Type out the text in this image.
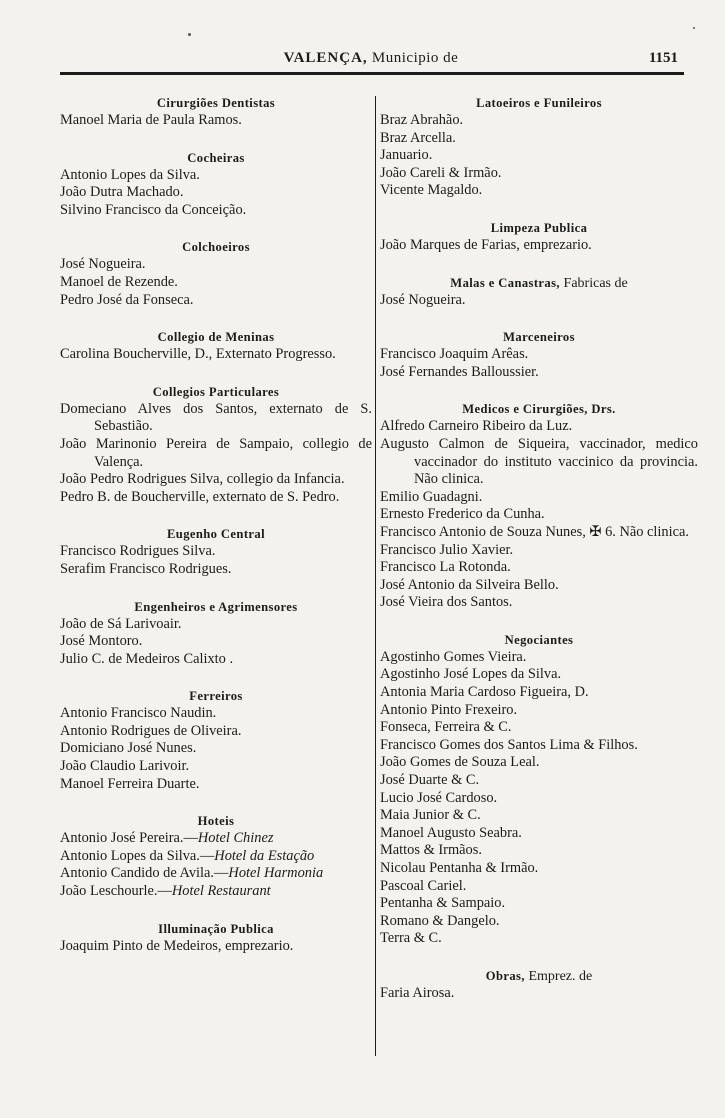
VALENÇA, Municipio de	1151
Cirurgiões Dentistas
Manoel Maria de Paula Ramos.
Cocheiras
Antonio Lopes da Silva.
João Dutra Machado.
Silvino Francisco da Conceição.
Colchoeiros
José Nogueira.
Manoel de Rezende.
Pedro José da Fonseca.
Collegio de Meninas
Carolina Boucherville, D., Externato Progresso.
Collegios Particulares
Domeciano Alves dos Santos, externato de S. Sebastião.
João Marinonio Pereira de Sampaio, collegio de Valença.
João Pedro Rodrigues Silva, collegio da Infancia.
Pedro B. de Boucherville, externato de S. Pedro.
Eugenho Central
Francisco Rodrigues Silva.
Serafim Francisco Rodrigues.
Engenheiros e Agrimensores
João de Sá Larivoair.
José Montoro.
Julio C. de Medeiros Calixto .
Ferreiros
Antonio Francisco Naudin.
Antonio Rodrigues de Oliveira.
Domiciano José Nunes.
João Claudio Larivoir.
Manoel Ferreira Duarte.
Hoteis
Antonio José Pereira.—Hotel Chinez
Antonio Lopes da Silva.—Hotel da Estação
Antonio Candido de Avila.—Hotel Harmonia
João Leschourle.—Hotel Restaurant
Illuminação Publica
Joaquim Pinto de Medeiros, emprezario.
Latoeiros e Funileiros
Braz Abrahão.
Braz Arcella.
Januario.
João Careli & Irmão.
Vicente Magaldo.
Limpeza Publica
João Marques de Farias, emprezario.
Malas e Canastras, Fabricas de
José Nogueira.
Marceneiros
Francisco Joaquim Arêas.
José Fernandes Balloussier.
Medicos e Cirurgiões, Drs.
Alfredo Carneiro Ribeiro da Luz.
Augusto Calmon de Siqueira, vaccinador, medico vaccinador do instituto vaccinico da provincia. Não clinica.
Emilio Guadagni.
Ernesto Frederico da Cunha.
Francisco Antonio de Souza Nunes, ✠ 6. Não clinica.
Francisco Julio Xavier.
Francisco La Rotonda.
José Antonio da Silveira Bello.
José Vieira dos Santos.
Negociantes
Agostinho Gomes Vieira.
Agostinho José Lopes da Silva.
Antonia Maria Cardoso Figueira, D.
Antonio Pinto Frexeiro.
Fonseca, Ferreira & C.
Francisco Gomes dos Santos Lima & Filhos.
João Gomes de Souza Leal.
José Duarte & C.
Lucio José Cardoso.
Maia Junior & C.
Manoel Augusto Seabra.
Mattos & Irmãos.
Nicolau Pentanha & Irmão.
Pascoal Cariel.
Pentanha & Sampaio.
Romano & Dangelo.
Terra & C.
Obras, Emprez. de
Faria Airosa.
